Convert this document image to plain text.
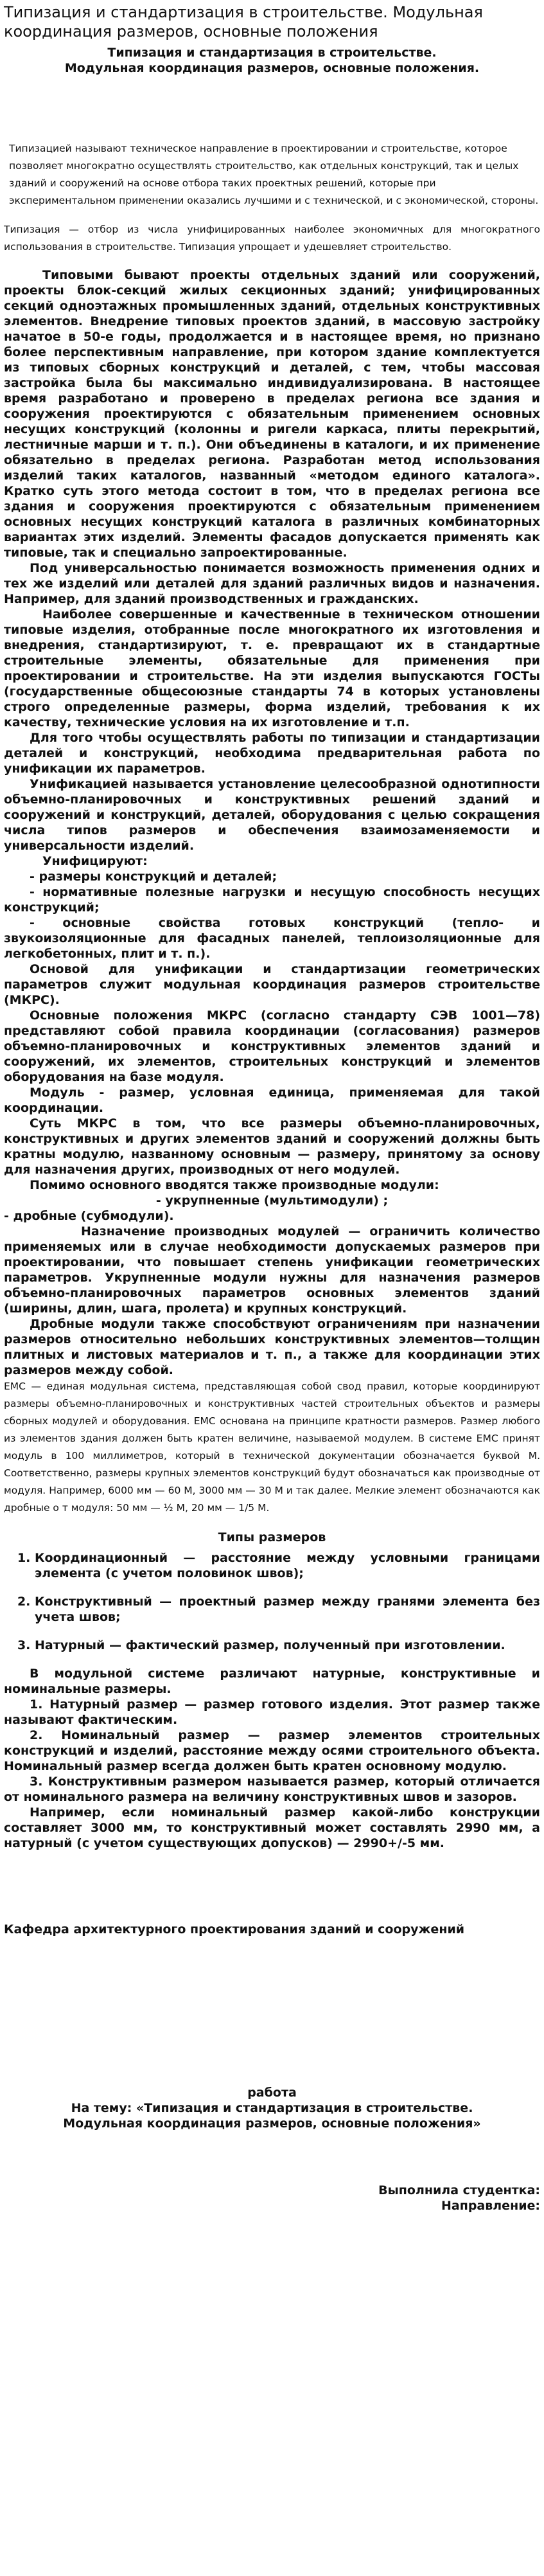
Типизация и стандартизация в строительстве. Модульная координация размеров, основные положения
Типизация и стандартизация в строительстве.
Модульная координация размеров, основные положения.

Типизацией называют техническое направление в проектировании и строительстве, которое позволяет многократно осуществлять строительство, как отдельных конструкций, так и целых зданий и сооружений на основе отбора таких проектных решений, которые при экспериментальном применении оказались лучшими и с технической, и с экономической, стороны.

Типизация — отбор из числа унифицированных наиболее экономичных для многократного использования в строительстве. Типизация упрощает и удешевляет строительство.

Типовыми бывают проекты отдельных зданий или сооружений, проекты блок-секций жилых секционных зданий; унифицированных секций одноэтажных промышленных зданий, отдельных конструктивных элементов. Внедрение типовых проектов зданий, в массовую застройку начатое в 50-е годы, продолжается и в настоящее время, но признано более перспективным направление, при котором здание комплектуется из типовых сборных конструкций и деталей, с тем, чтобы массовая застройка была бы максимально индивидуализирована. В настоящее время разработано и проверено в пределах региона все здания и сооружения проектируются с обязательным применением основных несущих конструкций (колонны и ригели каркаса, плиты перекрытий, лестничные марши и т. п.). Они объединены в каталоги, и их применение обязательно в пределах региона. Разработан метод использования изделий таких каталогов, названный «методом единого каталога». Кратко суть этого метода состоит в том, что в пределах региона все здания и сооружения проектируются с обязательным применением основных несущих конструкций каталога в различных комбинаторных вариантах этих изделий. Элементы фасадов допускается применять как типовые, так и специально запроектированные.

Под универсальностью понимается возможность применения одних и тех же изделий или деталей для зданий различных видов и назначения. Например, для зданий производственных и гражданских.

Наиболее совершенные и качественные в техническом отношении типовые изделия, отобранные после многократного их изготовления и внедрения, стандартизируют, т. е. превращают их в стандартные строительные элементы, обязательные для применения при проектировании и строительстве. На эти изделия выпускаются ГОСТы (государственные общесоюзные стандарты 74 в которых установлены строго определенные размеры, форма изделий, требования к их качеству, технические условия на их изготовление и т.п.

Для того чтобы осуществлять работы по типизации и стандартизации деталей и конструкций, необходима предварительная работа по унификации их параметров.

Унификацией называется установление целесообразной однотипности объемно-планировочных и конструктивных решений зданий и сооружений и конструкций, деталей, оборудования с целью сокращения числа типов размеров и обеспечения взаимозаменяемости и универсальности изделий.

Унифицируют:

- размеры конструкций и деталей;

- нормативные полезные нагрузки и несущую способность несущих конструкций;

- основные свойства готовых конструкций (тепло- и звукоизоляционные для фасадных панелей, теплоизоляционные для легкобетонных, плит и т. п.).

Основой для унификации и стандартизации геометрических параметров служит модульная координация размеров строительстве (МКРС).

Основные положения МКРС (согласно стандарту СЭВ 1001—78) представляют собой правила координации (согласования) размеров объемно-планировочных и конструктивных элементов зданий и сооружений, их элементов, строительных конструкций и элементов оборудования на базе модуля.

Модуль - размер, условная единица, применяемая для такой координации.

Суть МКРС в том, что все размеры объемно-планировочных, конструктивных и других элементов зданий и сооружений должны быть кратны модулю, названному основным — размеру, принятому за основу для назначения других, производных от него модулей.

Помимо основного вводятся также производные модули:

- укрупненные (мультимодули) ;

- дробные (субмодули).

Назначение производных модулей — ограничить количество применяемых или в случае необходимости допускаемых размеров при проектировании, что повышает степень унификации геометрических параметров. Укрупненные модули нужны для назначения размеров объемно-планировочных параметров основных элементов зданий (ширины, длин, шага, пролета) и крупных конструкций.

Дробные модули также способствуют ограничениям при назначении размеров относительно небольших конструктивных элементов—толщин плитных и листовых материалов и т. п., а также для координации этих размеров между собой.

ЕМС — единая модульная система, представляющая собой свод правил, которые координируют размеры объемно-планировочных и конструктивных частей строительных объектов и размеры сборных модулей и оборудования. ЕМС основана на принципе кратности размеров. Размер любого из элементов здания должен быть кратен величине, называемой модулем. В системе ЕМС принят модуль в 100 миллиметров, который в технической документации обозначается буквой М. Соответственно, размеры крупных элементов конструкций будут обозначаться как производные от модуля. Например, 6000 мм — 60 М, 3000 мм — 30 М и так далее. Мелкие элемент обозначаются как дробные о т модуля: 50 мм — ½ М, 20 мм — 1/5 М.

Типы размеров

1. Координационный — расстояние между условными границами элемента (с учетом половинок швов);
2. Конструктивный — проектный размер между гранями элемента без учета швов;
3. Натурный — фактический размер, полученный при изготовлении.

В модульной системе различают натурные, конструктивные и номинальные размеры.

1. Натурный размер — размер готового изделия. Этот размер также называют фактическим.

2. Номинальный размер — размер элементов строительных конструкций и изделий, расстояние между осями строительного объекта. Номинальный размер всегда должен быть кратен основному модулю.

3. Конструктивным размером называется размер, который отличается от номинального размера на величину конструктивных швов и зазоров.

Например, если номинальный размер какой-либо конструкции составляет 3000 мм, то конструктивный может составлять 2990 мм, а натурный (с учетом существующих допусков) — 2990+/-5 мм.

Кафедра архитектурного проектирования зданий и сооружений

работа

На тему: «Типизация и стандартизация в строительстве.

Модульная координация размеров, основные положения»

Выполнила студентка:

Направление:
